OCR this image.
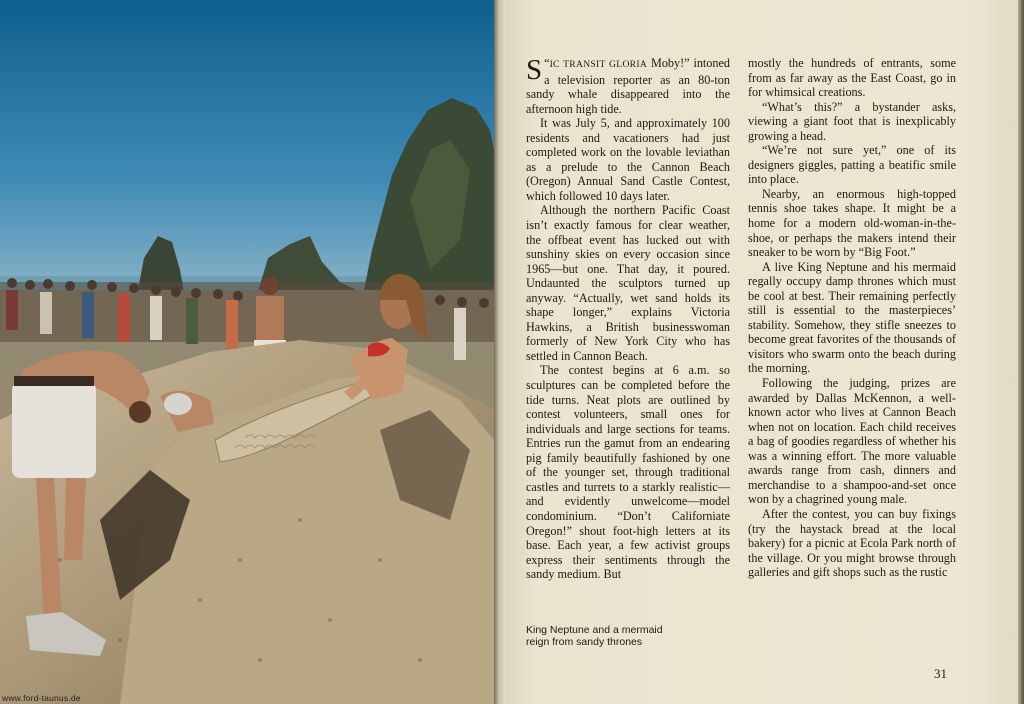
www.ford-taunus.de

“
S IC TRANSIT GLORIA Moby!” intoned a television reporter as an 80-ton sandy whale disappeared into the afternoon high tide.

It was July 5, and approximately 100 residents and vacationers had just completed work on the lovable leviathan as a prelude to the Cannon Beach (Oregon) Annual Sand Castle Contest, which followed 10 days later.

Although the northern Pacific Coast isn’t exactly famous for clear weather, the offbeat event has lucked out with sunshiny skies on every occasion since 1965—but one. That day, it poured. Undaunted the sculptors turned up anyway. “Actually, wet sand holds its shape longer,” explains Victoria Hawkins, a British businesswoman formerly of New York City who has settled in Cannon Beach.

The contest begins at 6 a.m. so sculptures can be completed before the tide turns. Neat plots are outlined by contest volunteers, small ones for individuals and large sections for teams. Entries run the gamut from an endearing pig family beautifully fashioned by one of the younger set, through traditional castles and turrets to a starkly realistic—and evidently unwelcome—model condominium. “Don’t Californiate Oregon!” shout foot-high letters at its base. Each year, a few activist groups express their sentiments through the sandy medium. But

mostly the hundreds of entrants, some from as far away as the East Coast, go in for whimsical creations.

“What’s this?” a bystander asks, viewing a giant foot that is inexplicably growing a head.

“We’re not sure yet,” one of its designers giggles, patting a beatific smile into place.

Nearby, an enormous high-topped tennis shoe takes shape. It might be a home for a modern old-woman-in-the-shoe, or perhaps the makers intend their sneaker to be worn by “Big Foot.”

A live King Neptune and his mermaid regally occupy damp thrones which must be cool at best. Their remaining perfectly still is essential to the masterpieces’ stability. Somehow, they stifle sneezes to become great favorites of the thousands of visitors who swarm onto the beach during the morning.

Following the judging, prizes are awarded by Dallas McKennon, a well-known actor who lives at Cannon Beach when not on location. Each child receives a bag of goodies regardless of whether his was a winning effort. The more valuable awards range from cash, dinners and merchandise to a shampoo-and-set once won by a chagrined young male.

After the contest, you can buy fixings (try the haystack bread at the local bakery) for a picnic at Ecola Park north of the village. Or you might browse through galleries and gift shops such as the rustic

King Neptune and a mermaid
reign from sandy thrones
31
